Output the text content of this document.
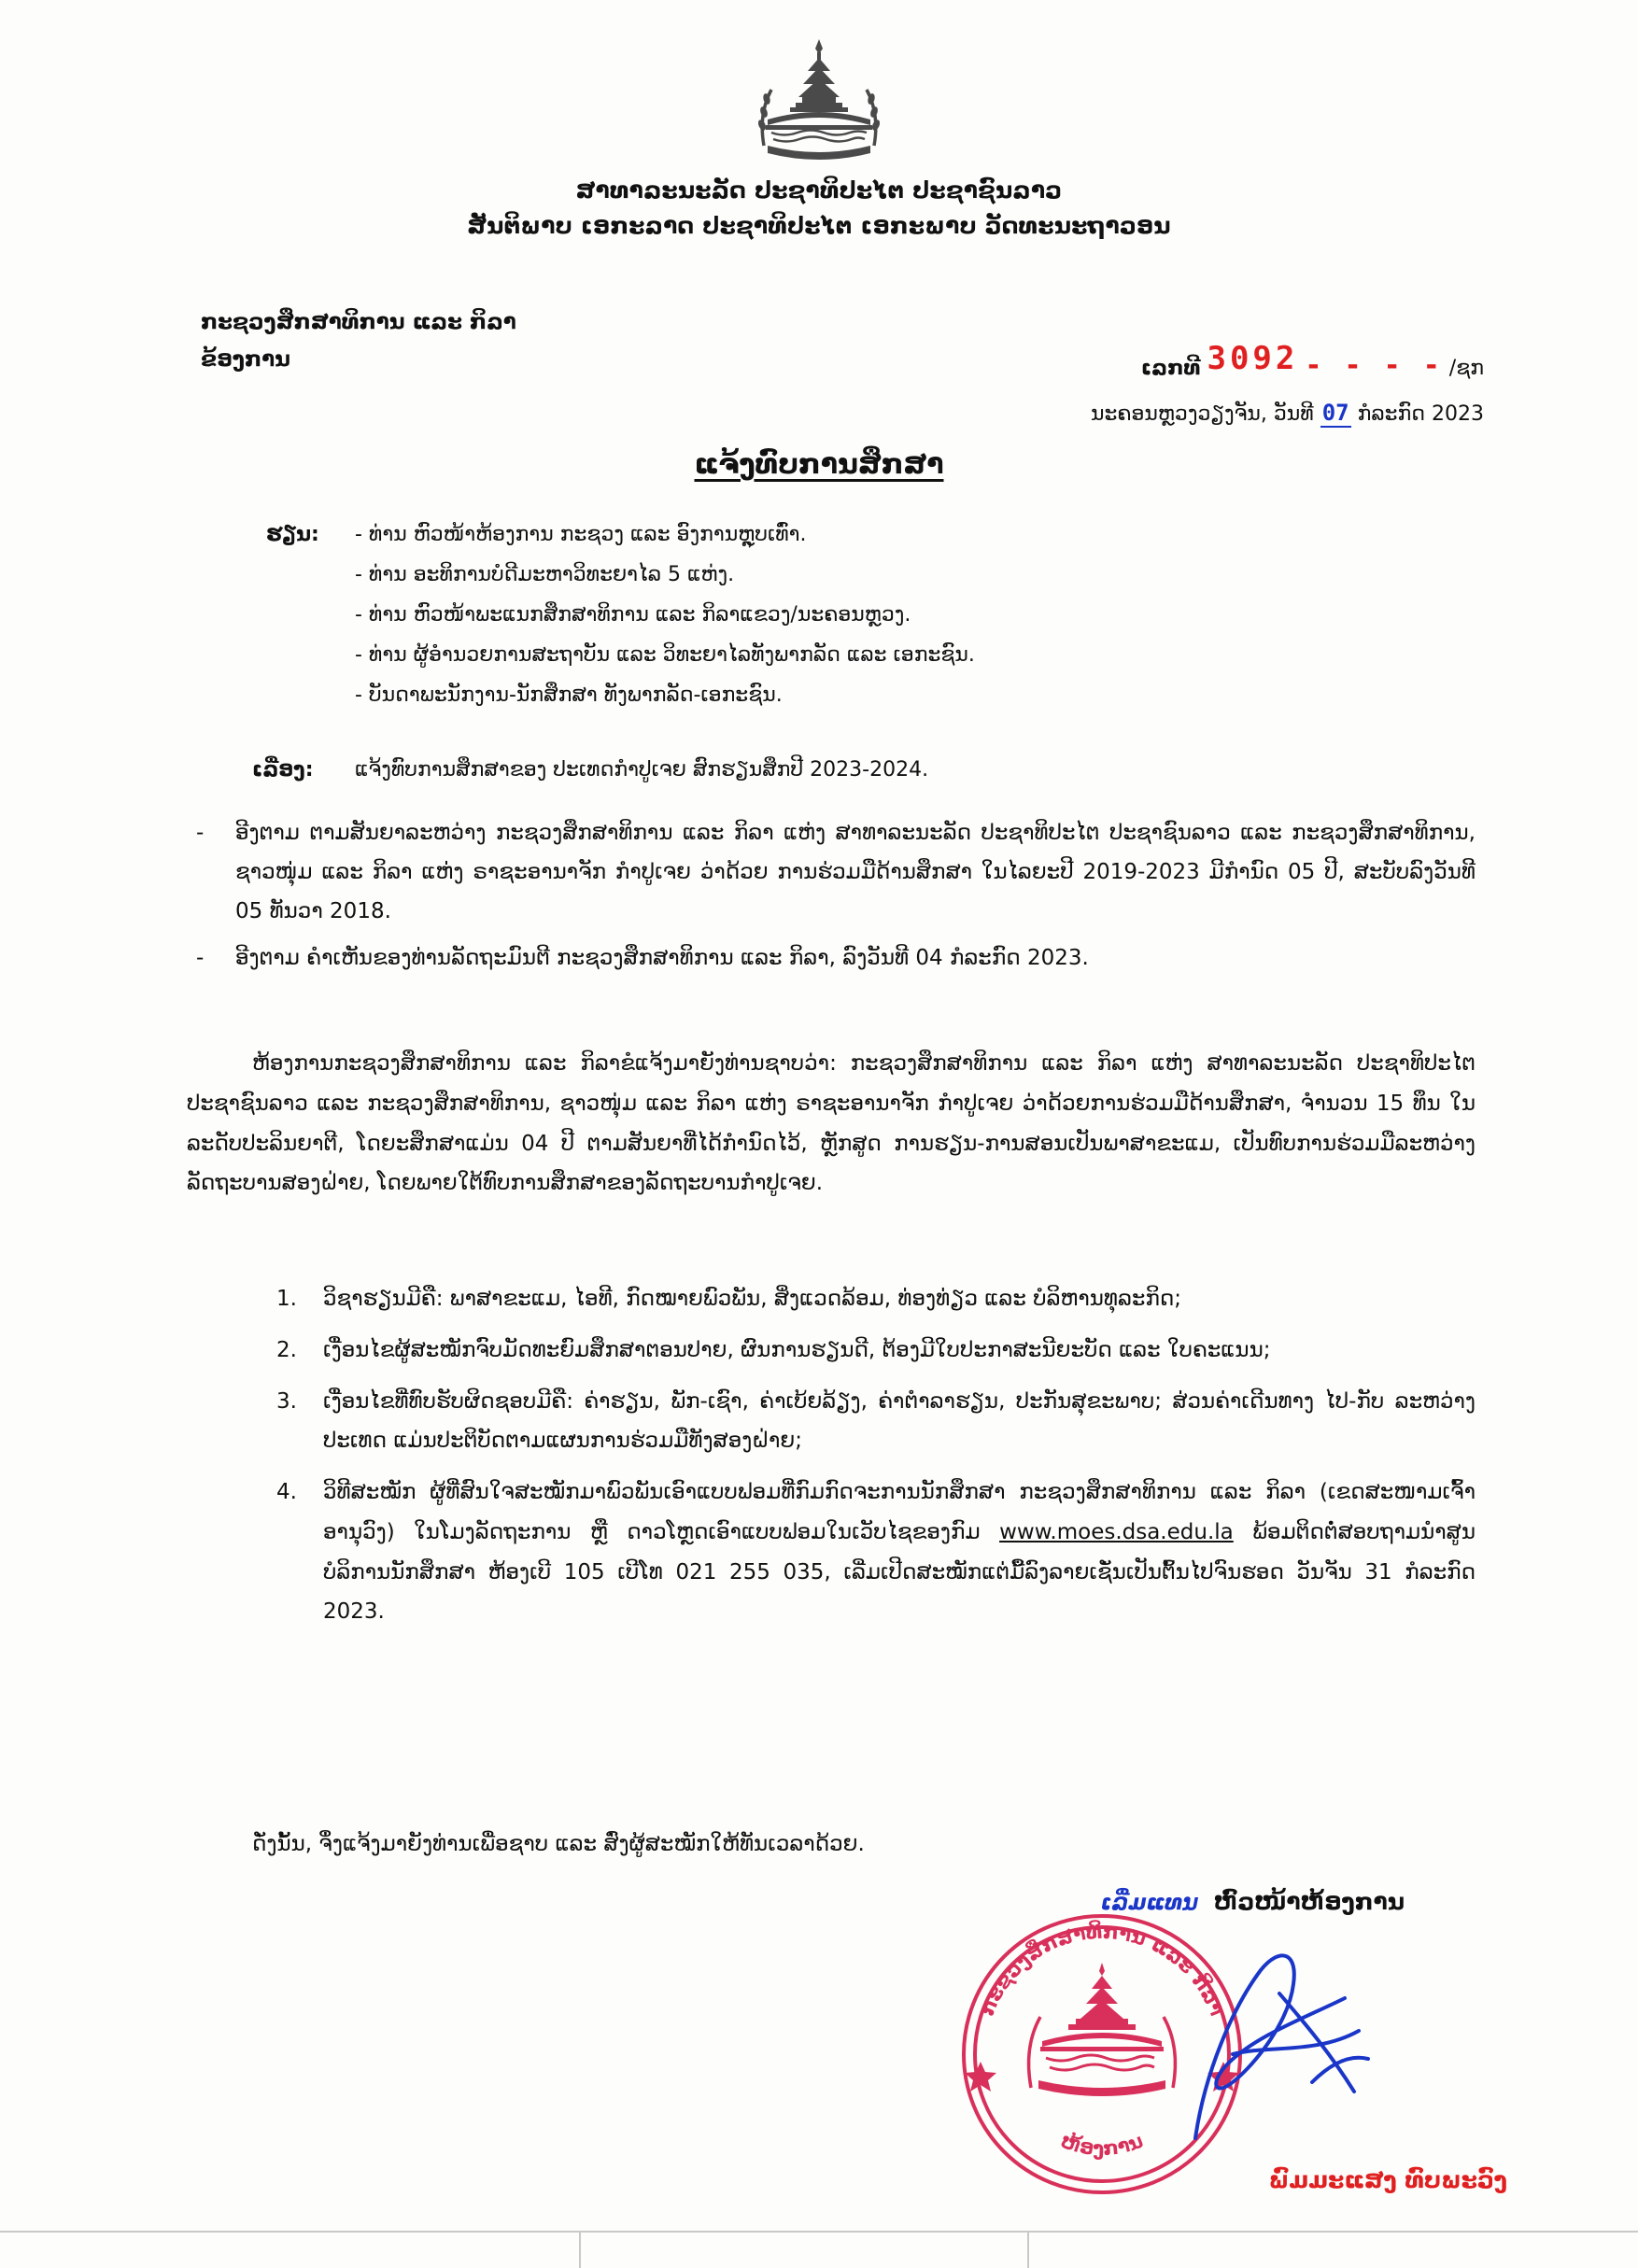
ສາທາລະນະລັດ ປະຊາທິປະໄຕ ປະຊາຊົນລາວ
ສັນຕິພາບ ເອກະລາດ ປະຊາທິປະໄຕ ເອກະພາບ ວັດທະນະຖາວອນ
ກະຊວງສຶກສາທິການ ແລະ ກິລາ
ຂ້ອງການ	ເລກທີ 3092 - - - - /ຊກ
ນະຄອນຫຼວງວຽງຈັນ, ວັນທີ 07 ກໍລະກົດ 2023
ແຈ້ງທົບການສຶກສາ
ຮຽນ: - ທ່ານ ຫົວໜ້າຫ້ອງການ ກະຊວງ ແລະ ອົງການຫຼຸບເທົ່າ.
- ທ່ານ ອະທິການບໍດີມະຫາວິທະຍາໄລ 5 ແຫ່ງ.
- ທ່ານ ຫົວໜ້າພະແນກສຶກສາທິການ ແລະ ກິລາແຂວງ/ນະຄອນຫຼວງ.
- ທ່ານ ຜູ້ອຳນວຍການສະຖາບັນ ແລະ ວິທະຍາໄລທັງພາກລັດ ແລະ ເອກະຊົນ.
- ບັນດາພະນັກງານ-ນັກສຶກສາ ທັງພາກລັດ-ເອກະຊົນ.
ເລື່ອງ: ແຈ້ງທົບການສຶກສາຂອງ ປະເທດກຳປູເຈຍ ສົກຮຽນສຶກປີ 2023-2024.
- ອີງຕາມ ຕາມສັນຍາລະຫວ່າງ ກະຊວງສຶກສາທິການ ແລະ ກິລາ ແຫ່ງ ສາທາລະນະລັດ ປະຊາທິປະໄຕ ປະຊາຊົນລາວ ແລະ ກະຊວງສຶກສາທິການ, ຊາວໜຸ່ມ ແລະ ກິລາ ແຫ່ງ ຣາຊະອານາຈັກ ກຳປູເຈຍ ວ່າດ້ວຍ ການຮ່ວມມືດ້ານສຶກສາ ໃນໄລຍະປີ 2019-2023 ມີກຳນົດ 05 ປີ, ສະບັບລົງວັນທີ 05 ທັນວາ 2018.
- ອີງຕາມ ຄຳເຫັນຂອງທ່ານລັດຖະມົນຕີ ກະຊວງສຶກສາທິການ ແລະ ກິລາ, ລົງວັນທີ 04 ກໍລະກົດ 2023.
ຫ້ອງການກະຊວງສຶກສາທິການ ແລະ ກິລາຂໍແຈ້ງມາຍັງທ່ານຊາບວ່າ: ກະຊວງສຶກສາທິການ ແລະ ກິລາ ແຫ່ງ ສາທາລະນະລັດ ປະຊາທິປະໄຕ ປະຊາຊົນລາວ ແລະ ກະຊວງສຶກສາທິການ, ຊາວໜຸ່ມ ແລະ ກິລາ ແຫ່ງ ຣາຊະອານາຈັກ ກຳປູເຈຍ ວ່າດ້ວຍການຮ່ວມມືດ້ານສຶກສາ, ຈຳນວນ 15 ທຶນ ໃນລະດັບປະລິນຍາຕີ, ໂດຍະສຶກສາແມ່ນ 04 ປີ ຕາມສັນຍາທີ່ໄດ້ກຳນົດໄວ້, ຫຼັກສູດ ການຮຽນ-ການສອນເປັນພາສາຂະແມ, ເປັນທົບການຮ່ວມມືລະຫວ່າງ ລັດຖະບານສອງຝ່າຍ, ໂດຍພາຍໃຕ້ທົບການສຶກສາຂອງລັດຖະບານກຳປູເຈຍ.
1. ວິຊາຮຽນມີຄື: ພາສາຂະແມ, ໄອທີ, ກົດໝາຍພົວພັນ, ສິ່ງແວດລ້ອມ, ທ່ອງທ່ຽວ ແລະ ບໍລິຫານທຸລະກິດ;
2. ເງື່ອນໄຂຜູ້ສະໝັກຈົບມັດທະຍົມສຶກສາຕອນປາຍ, ຜົນການຮຽນດີ, ຕ້ອງມີໃບປະກາສະນີຍະບັດ ແລະ ໃບຄະແນນ;
3. ເງື່ອນໄຂທີ່ທົບຮັບຜິດຊອບມີຄື: ຄ່າຮຽນ, ພັກ-ເຊົາ, ຄ່າເບ້ຍລ້ຽງ, ຄ່າຕຳລາຮຽນ, ປະກັນສຸຂະພາບ; ສ່ວນຄ່າເດີນທາງ ໄປ-ກັບ ລະຫວ່າງປະເທດ ແມ່ນປະຕິບັດຕາມແຜນການຮ່ວມມືທັງສອງຝ່າຍ;
4. ວິທີສະໝັກ ຜູ້ທີ່ສົນໃຈສະໝັກມາພົວພັນເອົາແບບຟອມທີ່ກົມກົດຈະການນັກສຶກສາ ກະຊວງສຶກສາທິການ ແລະ ກິລາ (ເຂດສະໜາມເຈົ້າອານຸວົງ) ໃນໂມງລັດຖະການ ຫຼື ດາວໂຫຼດເອົາແບບຟອມໃນເວັບໄຊຂອງກົມ www.moes.dsa.edu.la ພ້ອມຕິດຕໍ່ສອບຖາມນຳສູນບໍລິການນັກສຶກສາ ຫ້ອງເບີ 105 ເບີໂທ 021 255 035, ເລີ່ມເປີດສະໝັກແຕ່ມື້ລົງລາຍເຊັ່ນເປັນຕົ້ນໄປຈົນຮອດ ວັນຈັນ 31 ກໍລະກົດ 2023.
ດັ່ງນັ້ນ, ຈຶ່ງແຈ້ງມາຍັງທ່ານເພື່ອຊາບ ແລະ ສົ່ງຜູ້ສະໝັກໃຫ້ທັນເວລາດ້ວຍ.
ເລື່ມແທນ ຫົວໜ້າຫ້ອງການ
ກະຊວງສຶກສາທິການ ແລະ ກິລາ
ຫ້ອງການ
ພົມມະແສງ ທົບພະວົງ
